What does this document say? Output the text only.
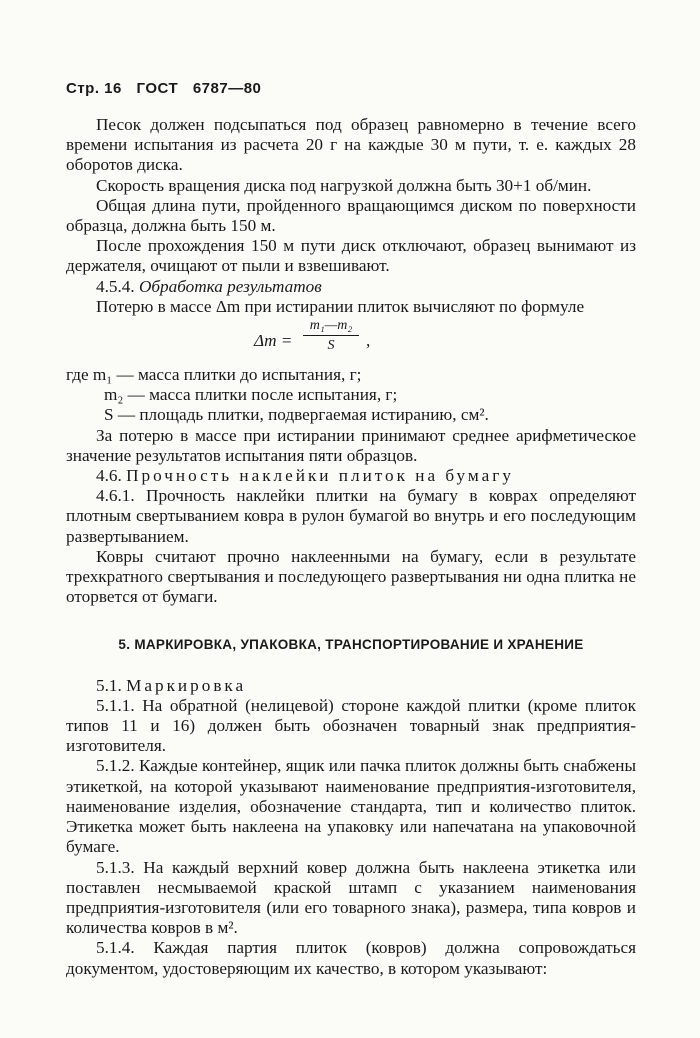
Стр. 16 ГОСТ 6787—80

Песок должен подсыпаться под образец равномерно в течение всего времени испытания из расчета 20 г на каждые 30 м пути, т. е. каждых 28 оборотов диска.

Скорость вращения диска под нагрузкой должна быть 30+1 об/мин.

Общая длина пути, пройденного вращающимся диском по поверхности образца, должна быть 150 м.

После прохождения 150 м пути диск отключают, образец вынимают из держателя, очищают от пыли и взвешивают.

4.5.4. Обработка результатов

Потерю в массе Δm при истирании плиток вычисляют по формуле

$\Delta m = \frac{\text{m₁—m₂}}{S}$ ,

где m₁ — масса плитки до испытания, г;

m₂ — масса плитки после испытания, г;

S — площадь плитки, подвергаемая истиранию, см².

За потерю в массе при истирании принимают среднее арифметическое значение результатов испытания пяти образцов.

4.6. Прочность наклейки плиток на бумагу

4.6.1. Прочность наклейки плитки на бумагу в коврах определяют плотным свертыванием ковра в рулон бумагой во внутрь и его последующим развертыванием.

Ковры считают прочно наклеенными на бумагу, если в результате трехкратного свертывания и последующего развертывания ни одна плитка не оторвется от бумаги.

5. МАРКИРОВКА, УПАКОВКА, ТРАНСПОРТИРОВАНИЕ И ХРАНЕНИЕ

5.1. Маркировка

5.1.1. На обратной (нелицевой) стороне каждой плитки (кроме плиток типов 11 и 16) должен быть обозначен товарный знак предприятия-изготовителя.

5.1.2. Каждые контейнер, ящик или пачка плиток должны быть снабжены этикеткой, на которой указывают наименование предприятия-изготовителя, наименование изделия, обозначение стандарта, тип и количество плиток. Этикетка может быть наклеена на упаковку или напечатана на упаковочной бумаге.

5.1.3. На каждый верхний ковер должна быть наклеена этикетка или поставлен несмываемой краской штамп с указанием наименования предприятия-изготовителя (или его товарного знака), размера, типа ковров и количества ковров в м².

5.1.4. Каждая партия плиток (ковров) должна сопровождаться документом, удостоверяющим их качество, в котором указывают:
